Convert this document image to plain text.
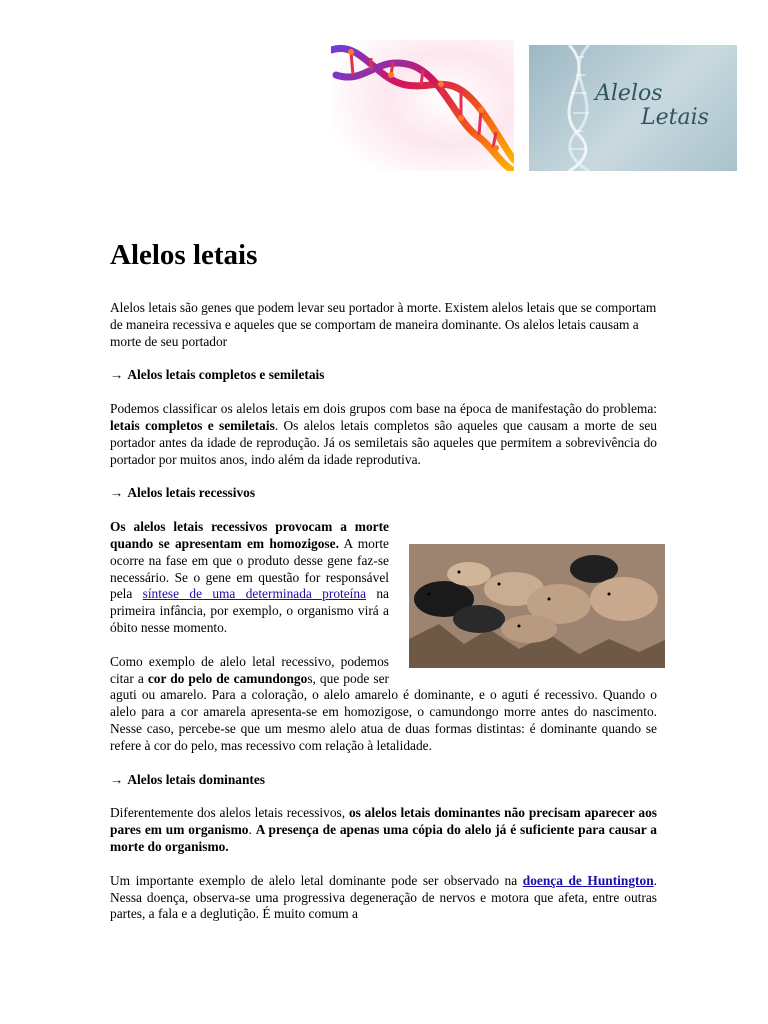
Alelos
Letais
Alelos letais

Alelos letais são genes que podem levar seu portador à morte. Existem alelos letais que se comportam de maneira recessiva e aqueles que se comportam de maneira dominante. Os alelos letais causam a morte de seu portador

→ Alelos letais completos e semiletais

Podemos classificar os alelos letais em dois grupos com base na época de manifestação do problema: letais completos e semiletais. Os alelos letais completos são aqueles que causam a morte de seu portador antes da idade de reprodução. Já os semiletais são aqueles que permitem a sobrevivência do portador por muitos anos, indo além da idade reprodutiva.

→ Alelos letais recessivos

Os alelos letais recessivos provocam a morte quando se apresentam em homozigose. A morte ocorre na fase em que o produto desse gene faz-se necessário. Se o gene em questão for responsável pela síntese de uma determinada proteína na primeira infância, por exemplo, o organismo virá a óbito nesse momento.

Como exemplo de alelo letal recessivo, podemos citar a cor do pelo de camundongos, que pode ser aguti ou amarelo. Para a coloração, o alelo amarelo é dominante, e o aguti é recessivo. Quando o alelo para a cor amarela apresenta-se em homozigose, o camundongo morre antes do nascimento. Nesse caso, percebe-se que um mesmo alelo atua de duas formas distintas: é dominante quando se refere à cor do pelo, mas recessivo com relação à letalidade.

→ Alelos letais dominantes

Diferentemente dos alelos letais recessivos, os alelos letais dominantes não precisam aparecer aos pares em um organismo. A presença de apenas uma cópia do alelo já é suficiente para causar a morte do organismo.

Um importante exemplo de alelo letal dominante pode ser observado na doença de Huntington. Nessa doença, observa-se uma progressiva degeneração de nervos e motora que afeta, entre outras partes, a fala e a deglutição. É muito comum a
